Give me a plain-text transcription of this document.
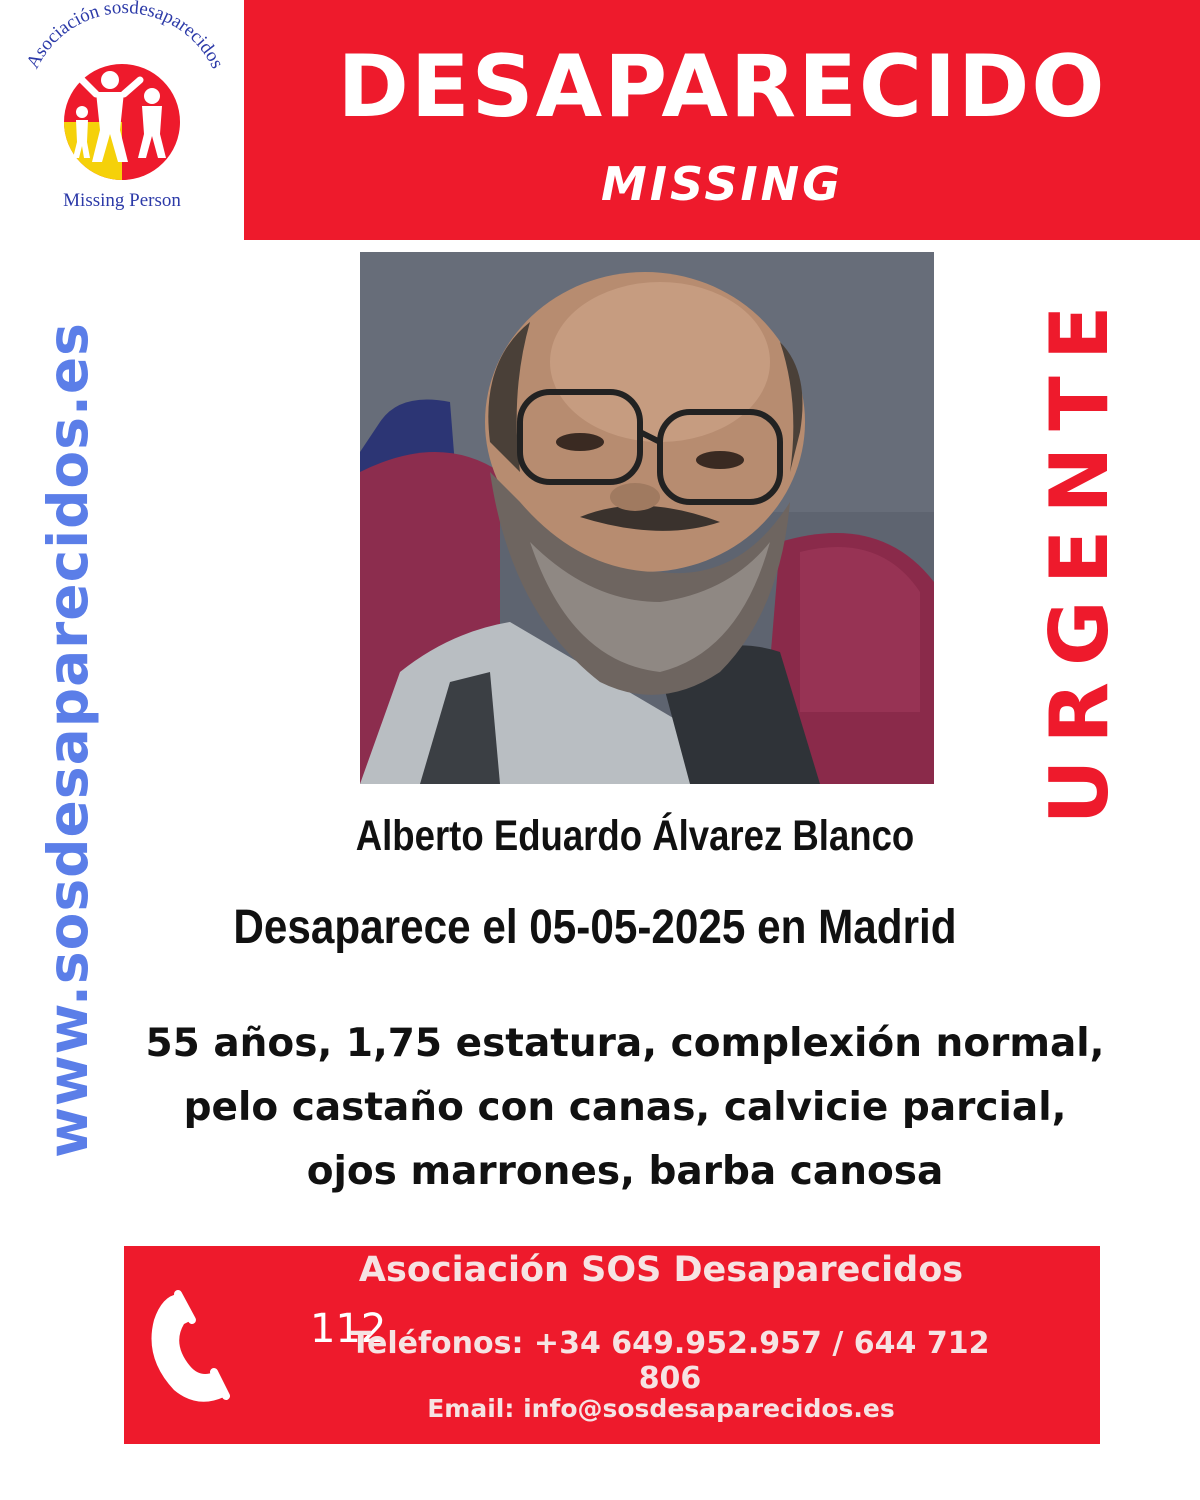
Asociación sosdesaparecidos
Missing Person
DESAPARECIDO
MISSING
www.sosdesaparecidos.es	URGENTE
Alberto Eduardo Álvarez Blanco
Desaparece el 05-05-2025 en Madrid
55 años, 1,75 estatura, complexión normal,
pelo castaño con canas, calvicie parcial,
ojos marrones, barba canosa
112
Asociación SOS Desaparecidos
Teléfonos: +34 649.952.957 / 644 712 806
Email: info@sosdesaparecidos.es
